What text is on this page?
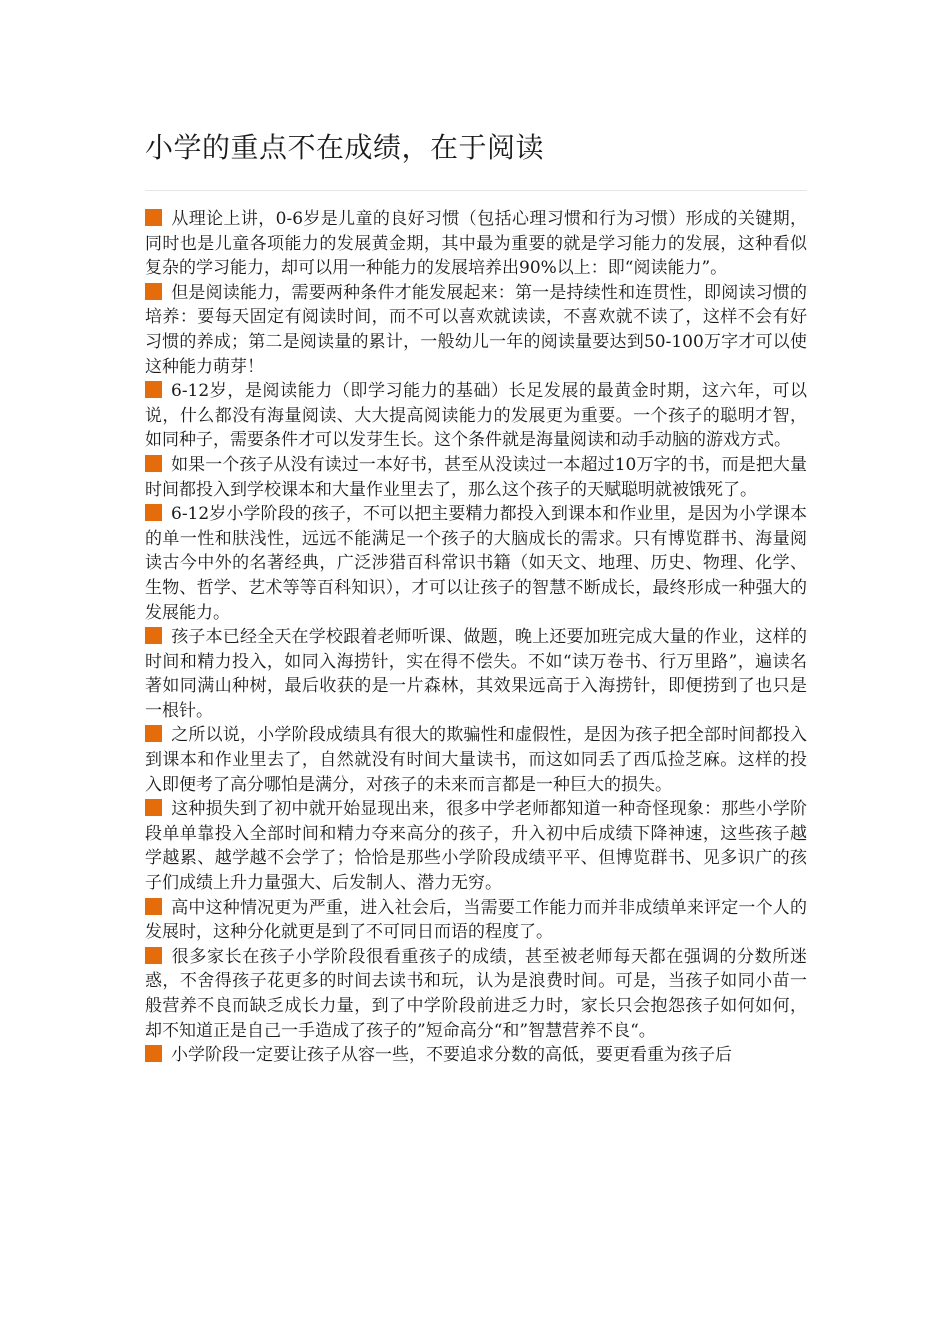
小学的重点不在成绩，在于阅读

从理论上讲，0-6岁是儿童的良好习惯（包括心理习惯和行为习惯）形成的关键期，同时也是儿童各项能力的发展黄金期，其中最为重要的就是学习能力的发展，这种看似复杂的学习能力，却可以用一种能力的发展培养出90%以上：即“阅读能力”。

但是阅读能力，需要两种条件才能发展起来：第一是持续性和连贯性，即阅读习惯的培养：要每天固定有阅读时间，而不可以喜欢就读读，不喜欢就不读了，这样不会有好习惯的养成；第二是阅读量的累计，一般幼儿一年的阅读量要达到50-100万字才可以使这种能力萌芽！

6-12岁，是阅读能力（即学习能力的基础）长足发展的最黄金时期，这六年，可以说，什么都没有海量阅读、大大提高阅读能力的发展更为重要。一个孩子的聪明才智，如同种子，需要条件才可以发芽生长。这个条件就是海量阅读和动手动脑的游戏方式。

如果一个孩子从没有读过一本好书，甚至从没读过一本超过10万字的书，而是把大量时间都投入到学校课本和大量作业里去了，那么这个孩子的天赋聪明就被饿死了。

6-12岁小学阶段的孩子，不可以把主要精力都投入到课本和作业里，是因为小学课本的单一性和肤浅性，远远不能满足一个孩子的大脑成长的需求。只有博览群书、海量阅读古今中外的名著经典，广泛涉猎百科常识书籍（如天文、地理、历史、物理、化学、生物、哲学、艺术等等百科知识），才可以让孩子的智慧不断成长，最终形成一种强大的发展能力。

孩子本已经全天在学校跟着老师听课、做题，晚上还要加班完成大量的作业，这样的时间和精力投入，如同入海捞针，实在得不偿失。不如“读万卷书、行万里路”，遍读名著如同满山种树，最后收获的是一片森林，其效果远高于入海捞针，即便捞到了也只是一根针。

之所以说，小学阶段成绩具有很大的欺骗性和虚假性，是因为孩子把全部时间都投入到课本和作业里去了，自然就没有时间大量读书，而这如同丢了西瓜捡芝麻。这样的投入即便考了高分哪怕是满分，对孩子的未来而言都是一种巨大的损失。

这种损失到了初中就开始显现出来，很多中学老师都知道一种奇怪现象：那些小学阶段单单靠投入全部时间和精力夺来高分的孩子，升入初中后成绩下降神速，这些孩子越学越累、越学越不会学了；恰恰是那些小学阶段成绩平平、但博览群书、见多识广的孩子们成绩上升力量强大、后发制人、潜力无穷。

高中这种情况更为严重，进入社会后，当需要工作能力而并非成绩单来评定一个人的发展时，这种分化就更是到了不可同日而语的程度了。

很多家长在孩子小学阶段很看重孩子的成绩，甚至被老师每天都在强调的分数所迷惑，不舍得孩子花更多的时间去读书和玩，认为是浪费时间。可是，当孩子如同小苗一般营养不良而缺乏成长力量，到了中学阶段前进乏力时，家长只会抱怨孩子如何如何，却不知道正是自己一手造成了孩子的”短命高分“和”智慧营养不良“。

小学阶段一定要让孩子从容一些，不要追求分数的高低，要更看重为孩子后
